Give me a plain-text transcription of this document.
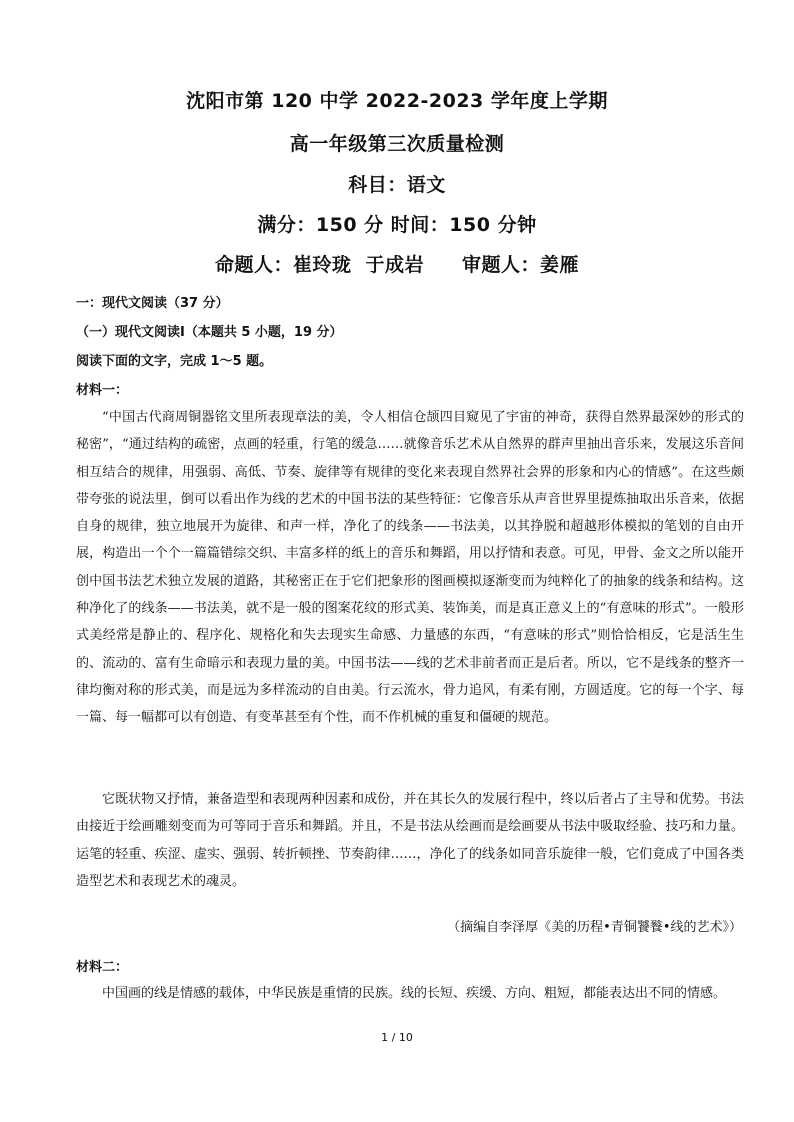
沈阳市第 120 中学 2022-2023 学年度上学期
高一年级第三次质量检测
科目：语文
满分：150 分 时间：150 分钟
命题人：崔玲珑 于成岩 审题人：姜雁
一：现代文阅读（37 分）
（一）现代文阅读Ⅰ（本题共 5 小题，19 分）
阅读下面的文字，完成 1～5 题。
材料一：

“中国古代商周铜器铭文里所表现章法的美，令人相信仓颉四目窥见了宇宙的神奇，获得自然界最深妙的形式的秘密”，“通过结构的疏密，点画的轻重，行笔的缓急……就像音乐艺术从自然界的群声里抽出音乐来，发展这乐音间相互结合的规律，用强弱、高低、节奏、旋律等有规律的变化来表现自然界社会界的形象和内心的情感”。在这些颇带夸张的说法里，倒可以看出作为线的艺术的中国书法的某些特征：它像音乐从声音世界里提炼抽取出乐音来，依据自身的规律，独立地展开为旋律、和声一样，净化了的线条——书法美，以其挣脱和超越形体模拟的笔划的自由开展，构造出一个个一篇篇错综交织、丰富多样的纸上的音乐和舞蹈，用以抒情和表意。可见，甲骨、金文之所以能开创中国书法艺术独立发展的道路，其秘密正在于它们把象形的图画模拟逐渐变而为纯粹化了的抽象的线条和结构。这种净化了的线条——书法美，就不是一般的图案花纹的形式美、装饰美，而是真正意义上的“有意味的形式”。一般形式美经常是静止的、程序化、规格化和失去现实生命感、力量感的东西，“有意味的形式”则恰恰相反，它是活生生的、流动的、富有生命暗示和表现力量的美。中国书法——线的艺术非前者而正是后者。所以，它不是线条的整齐一律均衡对称的形式美，而是远为多样流动的自由美。行云流水，骨力追风，有柔有刚，方圆适度。它的每一个字、每一篇、每一幅都可以有创造、有变革甚至有个性，而不作机械的重复和僵硬的规范。

它既状物又抒情，兼备造型和表现两种因素和成份，并在其长久的发展行程中，终以后者占了主导和优势。书法由接近于绘画雕刻变而为可等同于音乐和舞蹈。并且，不是书法从绘画而是绘画要从书法中吸取经验、技巧和力量。运笔的轻重、疾涩、虚实、强弱、转折顿挫、节奏韵律……，净化了的线条如同音乐旋律一般，它们竟成了中国各类造型艺术和表现艺术的魂灵。

（摘编自李泽厚《美的历程•青铜饕餮•线的艺术》）
材料二：

中国画的线是情感的载体，中华民族是重情的民族。线的长短、疾缓、方向、粗短，都能表达出不同的情感。

1 / 10
